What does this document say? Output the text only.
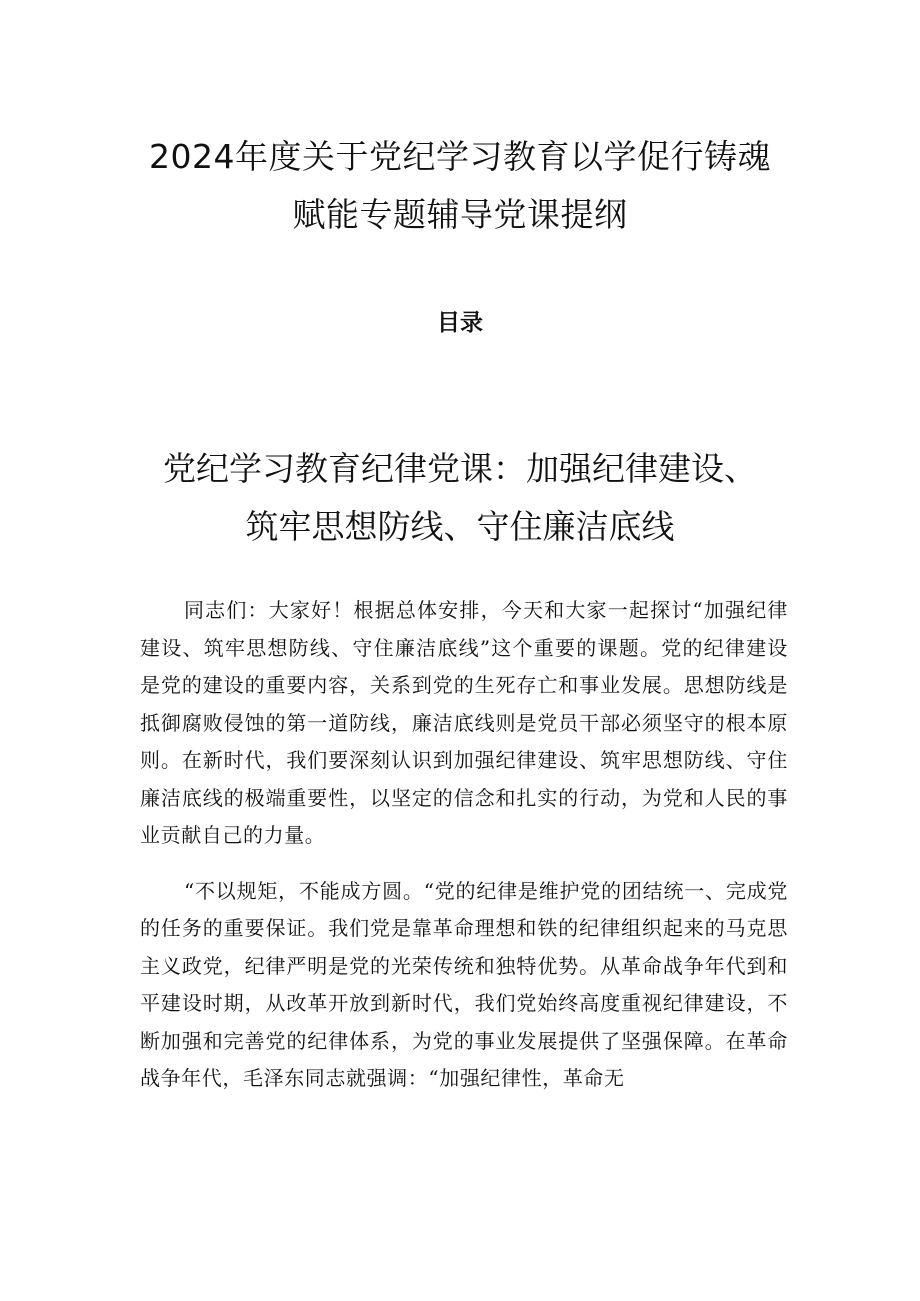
2024年度关于党纪学习教育以学促行铸魂
赋能专题辅导党课提纲
目录
党纪学习教育纪律党课：加强纪律建设、
筑牢思想防线、守住廉洁底线

同志们：大家好！根据总体安排，今天和大家一起探讨“加强纪律建设、筑牢思想防线、守住廉洁底线”这个重要的课题。党的纪律建设是党的建设的重要内容，关系到党的生死存亡和事业发展。思想防线是抵御腐败侵蚀的第一道防线，廉洁底线则是党员干部必须坚守的根本原则。在新时代，我们要深刻认识到加强纪律建设、筑牢思想防线、守住廉洁底线的极端重要性，以坚定的信念和扎实的行动，为党和人民的事业贡献自己的力量。

“不以规矩，不能成方圆。“党的纪律是维护党的团结统一、完成党的任务的重要保证。我们党是靠革命理想和铁的纪律组织起来的马克思主义政党，纪律严明是党的光荣传统和独特优势。从革命战争年代到和平建设时期，从改革开放到新时代，我们党始终高度重视纪律建设，不断加强和完善党的纪律体系，为党的事业发展提供了坚强保障。在革命战争年代，毛泽东同志就强调：“加强纪律性，革命无
